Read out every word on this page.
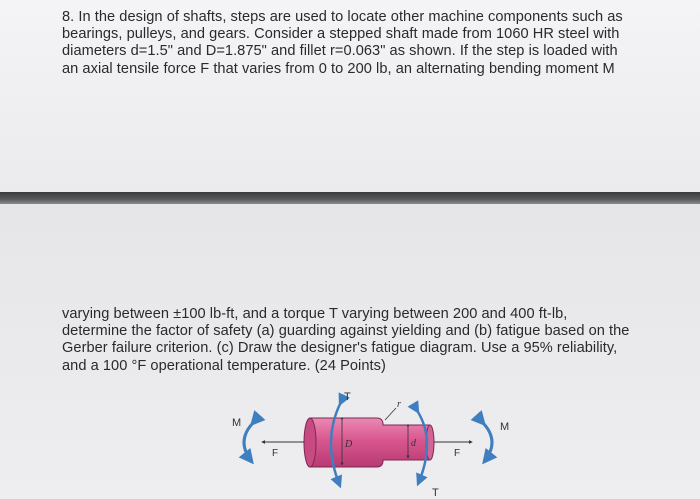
8. In the design of shafts, steps are used to locate other machine components such as
bearings, pulleys, and gears. Consider a stepped shaft made from 1060 HR steel with
diameters d=1.5" and D=1.875" and fillet r=0.063" as shown. If the step is loaded with
an axial tensile force F that varies from 0 to 200 lb, an alternating bending moment M
varying between ±100 lb-ft, and a torque T varying between 200 and 400 ft-lb,
determine the factor of safety (a) guarding against yielding and (b) fatigue based on the
Gerber failure criterion. (c) Draw the designer's fatigue diagram. Use a 95% reliability,
and a 100 °F operational temperature. (24 Points)
F	F
M	M
T
T
D	d
r
